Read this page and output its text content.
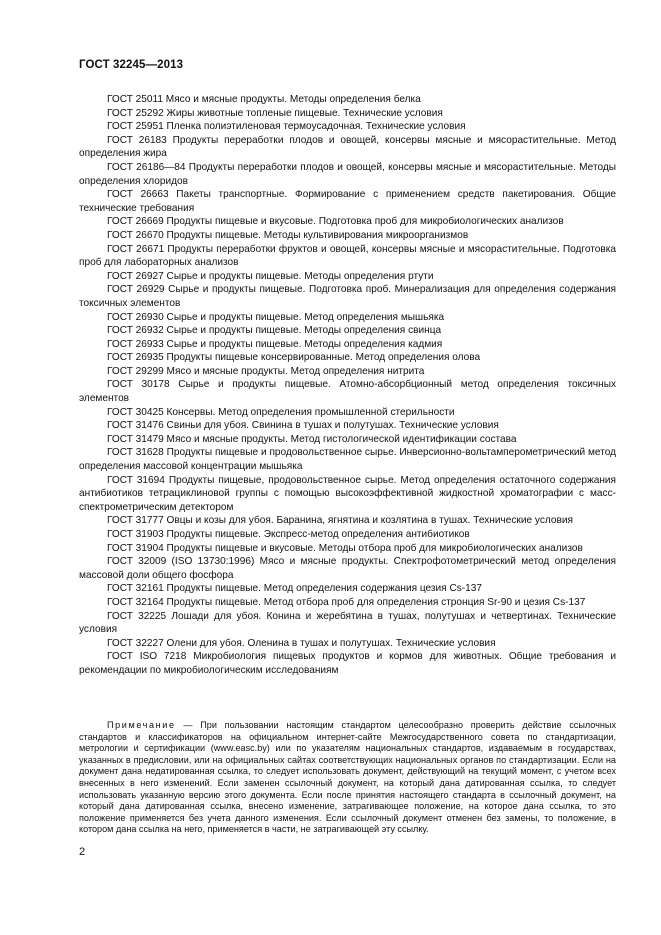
ГОСТ 32245—2013

ГОСТ 25011 Мясо и мясные продукты. Методы определения белка

ГОСТ 25292 Жиры животные топленые пищевые. Технические условия

ГОСТ 25951 Пленка полиэтиленовая термоусадочная. Технические условия

ГОСТ 26183 Продукты переработки плодов и овощей, консервы мясные и мясорастительные. Метод определения жира

ГОСТ 26186—84 Продукты переработки плодов и овощей, консервы мясные и мясорастительные. Методы определения хлоридов

ГОСТ 26663 Пакеты транспортные. Формирование с применением средств пакетирования. Общие технические требования

ГОСТ 26669 Продукты пищевые и вкусовые. Подготовка проб для микробиологических анализов

ГОСТ 26670 Продукты пищевые. Методы культивирования микроорганизмов

ГОСТ 26671 Продукты переработки фруктов и овощей, консервы мясные и мясорастительные. Подготовка проб для лабораторных анализов

ГОСТ 26927 Сырье и продукты пищевые. Методы определения ртути

ГОСТ 26929 Сырье и продукты пищевые. Подготовка проб. Минерализация для определения содержания токсичных элементов

ГОСТ 26930 Сырье и продукты пищевые. Метод определения мышьяка

ГОСТ 26932 Сырье и продукты пищевые. Методы определения свинца

ГОСТ 26933 Сырье и продукты пищевые. Методы определения кадмия

ГОСТ 26935 Продукты пищевые консервированные. Метод определения олова

ГОСТ 29299 Мясо и мясные продукты. Метод определения нитрита

ГОСТ 30178 Сырье и продукты пищевые. Атомно-абсорбционный метод определения токсичных элементов

ГОСТ 30425 Консервы. Метод определения промышленной стерильности

ГОСТ 31476 Свиньи для убоя. Свинина в тушах и полутушах. Технические условия

ГОСТ 31479 Мясо и мясные продукты. Метод гистологической идентификации состава

ГОСТ 31628 Продукты пищевые и продовольственное сырье. Инверсионно-вольтамперометрический метод определения массовой концентрации мышьяка

ГОСТ 31694 Продукты пищевые, продовольственное сырье. Метод определения остаточного содержания антибиотиков тетрациклиновой группы с помощью высокоэффективной жидкостной хроматографии с масс-спектрометрическим детектором

ГОСТ 31777 Овцы и козы для убоя. Баранина, ягнятина и козлятина в тушах. Технические условия

ГОСТ 31903 Продукты пищевые. Экспресс-метод определения антибиотиков

ГОСТ 31904 Продукты пищевые и вкусовые. Методы отбора проб для микробиологических анализов

ГОСТ 32009 (ISO 13730:1996) Мясо и мясные продукты. Спектрофотометрический метод определения массовой доли общего фосфора

ГОСТ 32161 Продукты пищевые. Метод определения содержания цезия Cs-137

ГОСТ 32164 Продукты пищевые. Метод отбора проб для определения стронция Sr-90 и цезия Cs-137

ГОСТ 32225 Лошади для убоя. Конина и жеребятина в тушах, полутушах и четвертинах. Технические условия

ГОСТ 32227 Олени для убоя. Оленина в тушах и полутушах. Технические условия

ГОСТ ISO 7218 Микробиология пищевых продуктов и кормов для животных. Общие требования и рекомендации по микробиологическим исследованиям

Примечание — При пользовании настоящим стандартом целесообразно проверить действие ссылочных стандартов и классификаторов на официальном интернет-сайте Межгосударственного совета по стандартизации, метрологии и сертификации (www.easc.by) или по указателям национальных стандартов, издаваемым в государствах, указанных в предисловии, или на официальных сайтах соответствующих национальных органов по стандартизации. Если на документ дана недатированная ссылка, то следует использовать документ, действующий на текущий момент, с учетом всех внесенных в него изменений. Если заменен ссылочный документ, на который дана датированная ссылка, то следует использовать указанную версию этого документа. Если после принятия настоящего стандарта в ссылочный документ, на который дана датированная ссылка, внесено изменение, затрагивающее положение, на которое дана ссылка, то это положение применяется без учета данного изменения. Если ссылочный документ отменен без замены, то положение, в котором дана ссылка на него, применяется в части, не затрагивающей эту ссылку.

2
